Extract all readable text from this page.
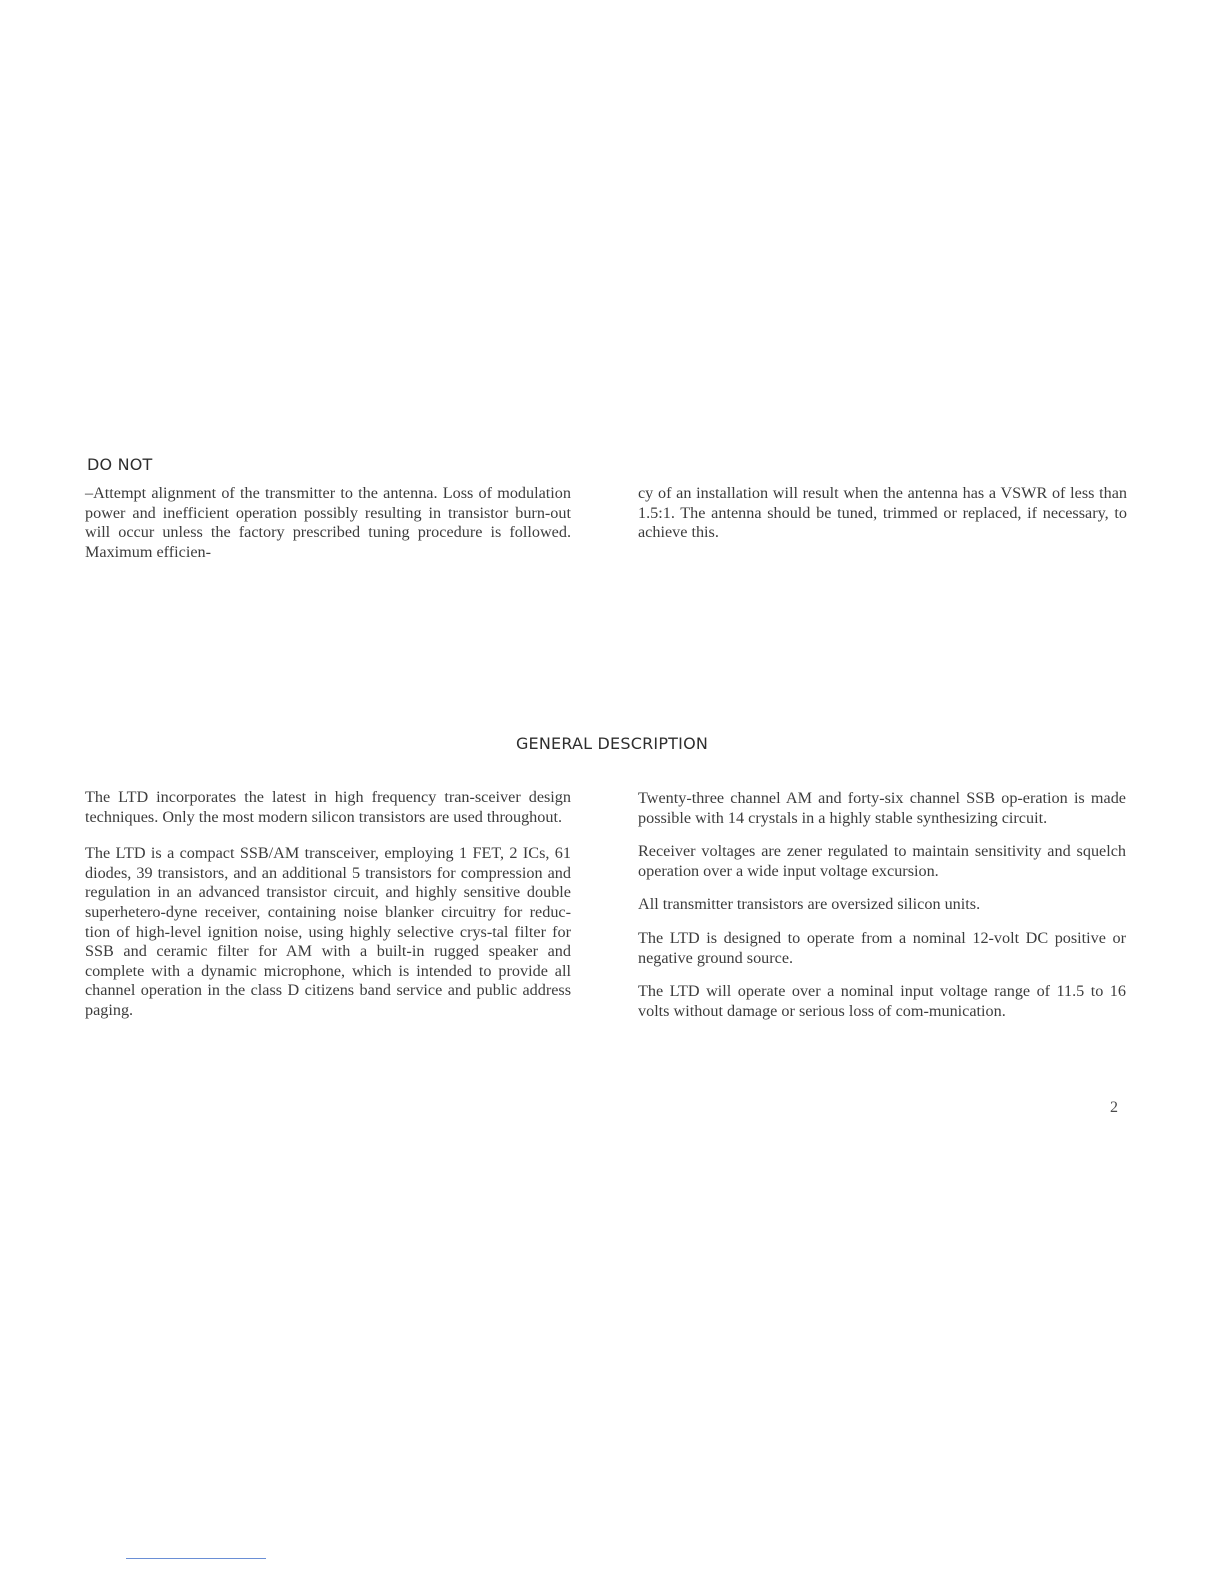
DO NOT

–Attempt alignment of the transmitter to the antenna. Loss of modulation power and inefficient operation possibly resulting in transistor burn-out will occur unless the factory prescribed tuning procedure is followed. Maximum efficien-

cy of an installation will result when the antenna has a VSWR of less than 1.5:1. The antenna should be tuned, trimmed or replaced, if necessary, to achieve this.

GENERAL DESCRIPTION

The LTD incorporates the latest in high frequency tran-sceiver design techniques. Only the most modern silicon transistors are used throughout.

The LTD is a compact SSB/AM transceiver, employing 1 FET, 2 ICs, 61 diodes, 39 transistors, and an additional 5 transistors for compression and regulation in an advanced transistor circuit, and highly sensitive double superhetero-dyne receiver, containing noise blanker circuitry for reduc-tion of high-level ignition noise, using highly selective crys-tal filter for SSB and ceramic filter for AM with a built-in rugged speaker and complete with a dynamic microphone, which is intended to provide all channel operation in the class D citizens band service and public address paging.

Twenty-three channel AM and forty-six channel SSB op-eration is made possible with 14 crystals in a highly stable synthesizing circuit.

Receiver voltages are zener regulated to maintain sensitivity and squelch operation over a wide input voltage excursion.

All transmitter transistors are oversized silicon units.

The LTD is designed to operate from a nominal 12-volt DC positive or negative ground source.

The LTD will operate over a nominal input voltage range of 11.5 to 16 volts without damage or serious loss of com-munication.

2
